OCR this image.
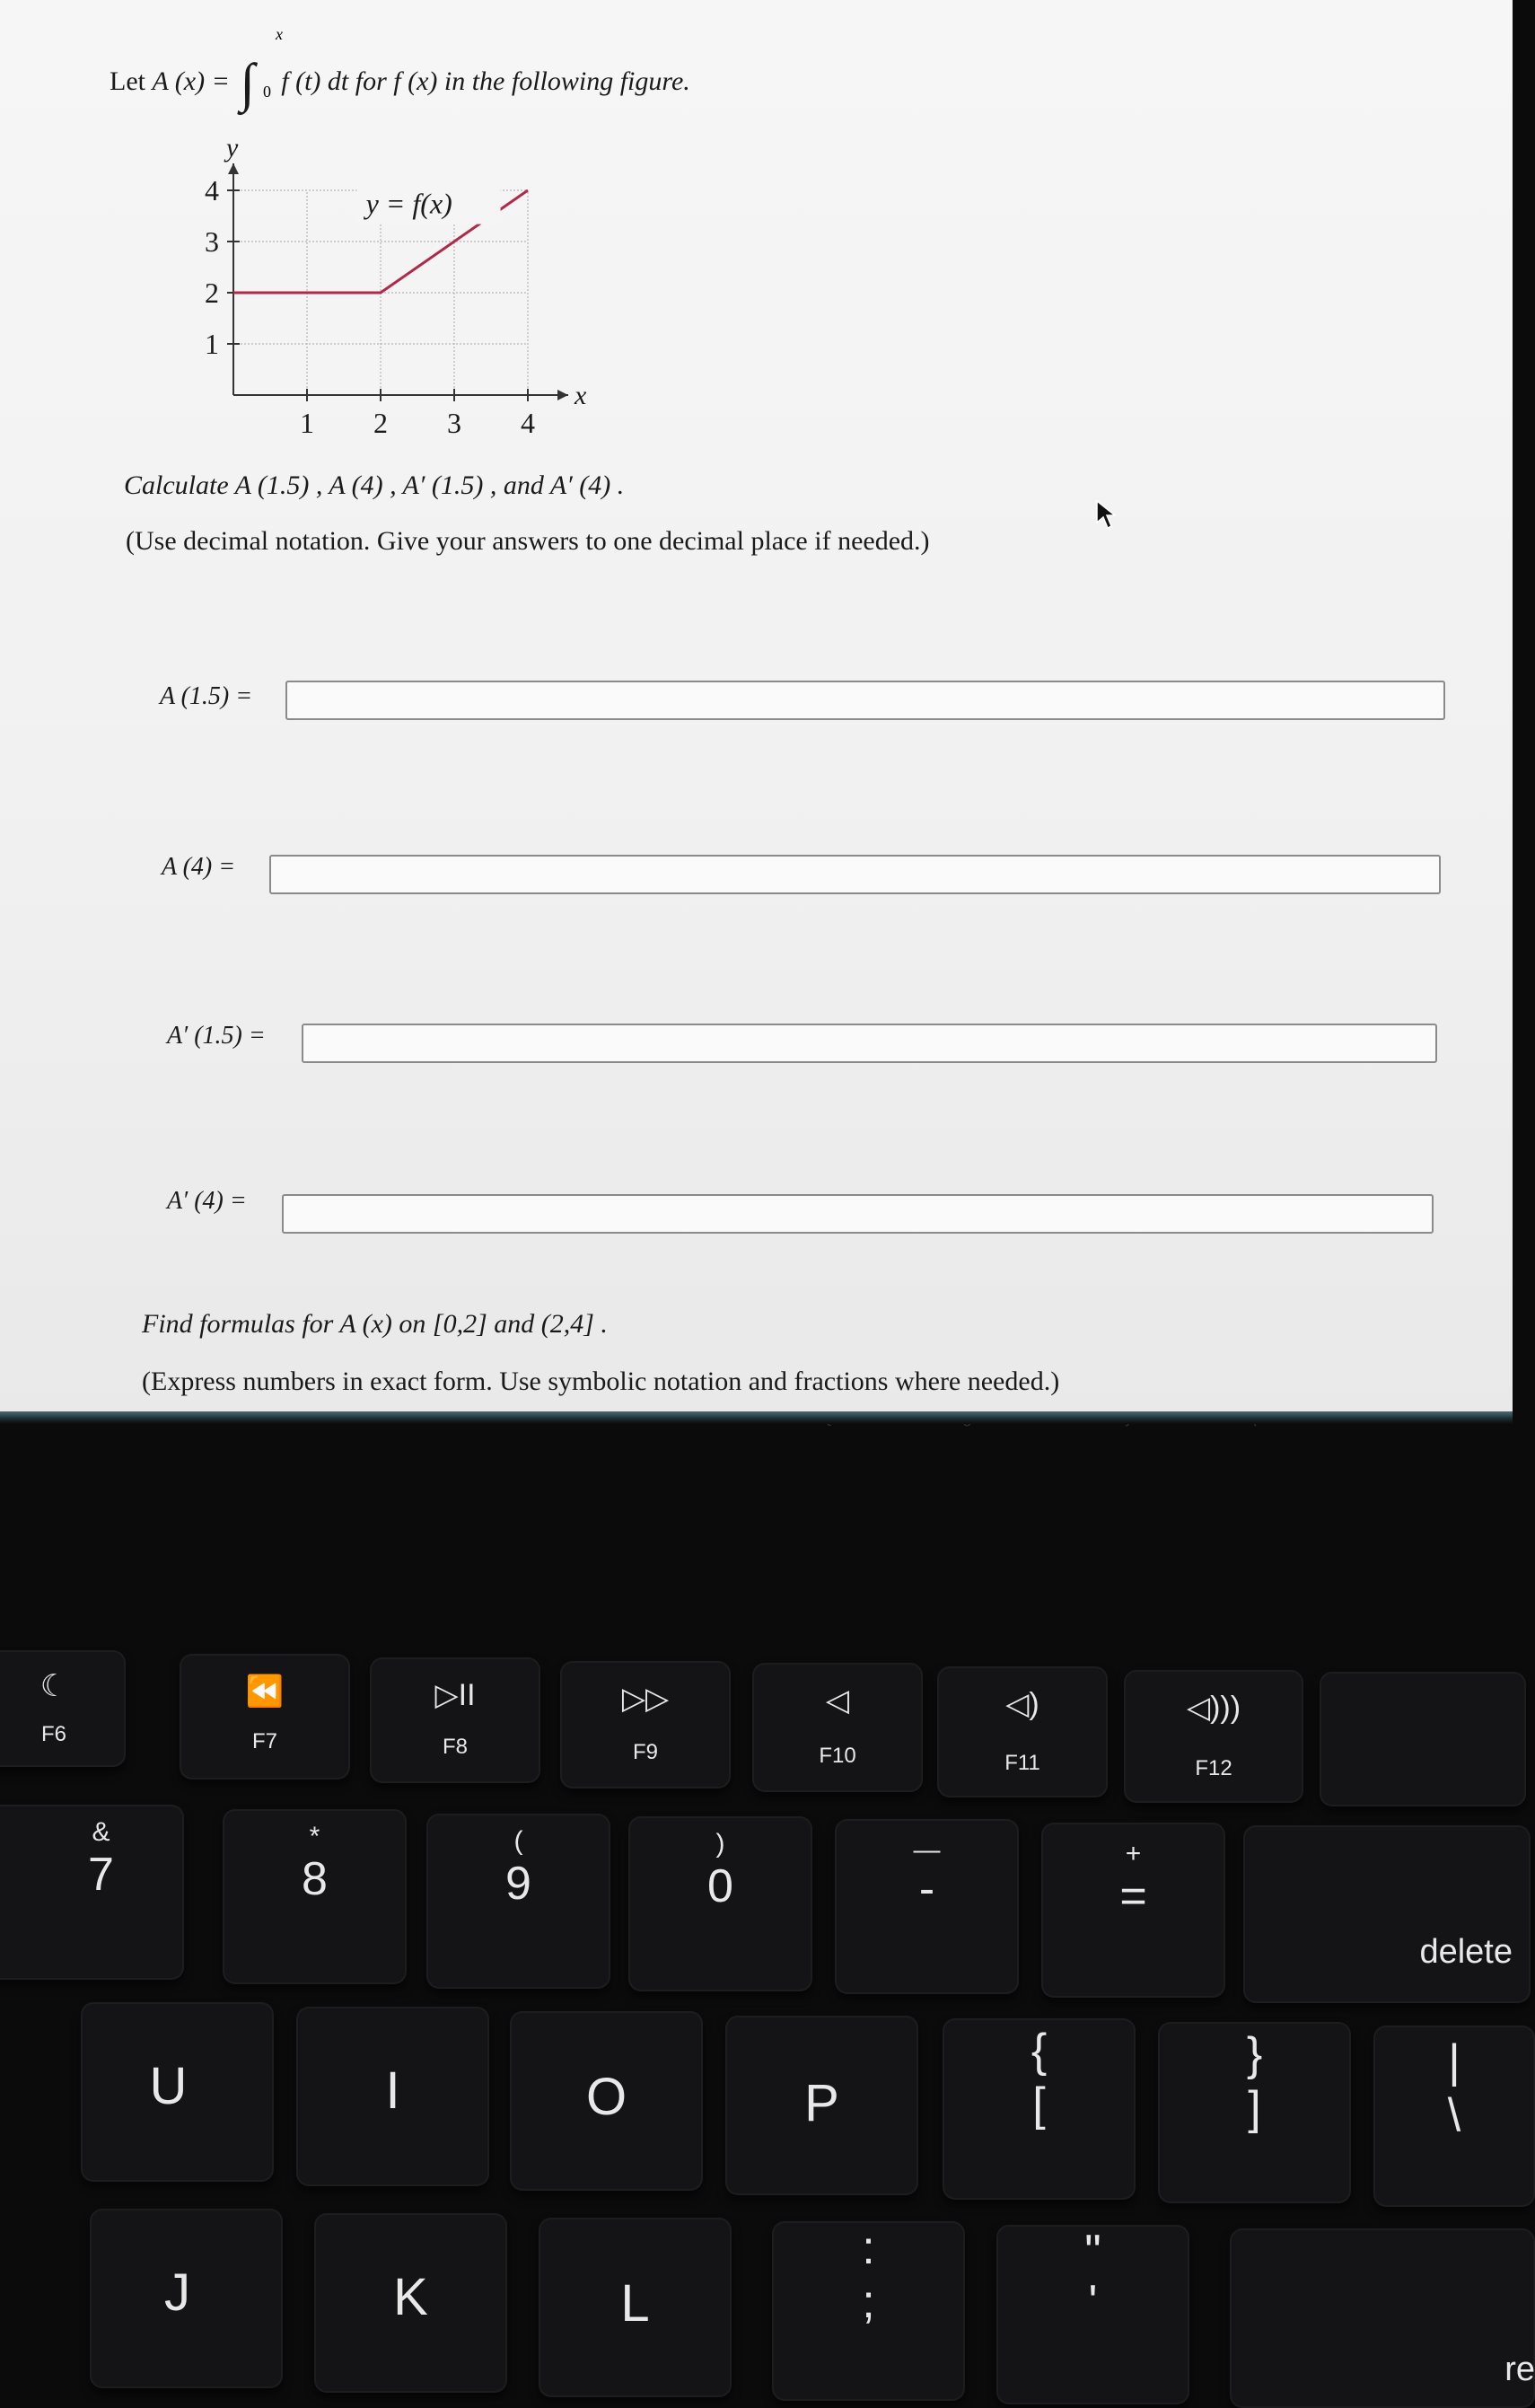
Let A (x) = ∫ f (t) dt for f (x) in the following figure.
x
0
1 2 3 4
1
2
3
4
x
y
y = f(x)
Calculate A (1.5) , A (4) , A′ (1.5) , and A′ (4) .
(Use decimal notation. Give your answers to one decimal place if needed.)
A (1.5) =
A (4) =
A′ (1.5) =
A′ (4) =
Find formulas for A (x) on [0,2] and (2,4] .
(Express numbers in exact form. Use symbolic notation and fractions where needed.)
☾
F6
⏪
F7
▷II
F8
▷▷
F9
◁
F10
◁)
F11
◁)))
F12
&
7
*
8
(
9
)
0
—
-
+
=
delete
U	I	O	P
{
[
}
]
|
\
J	K	L
:
;
"
'
re
